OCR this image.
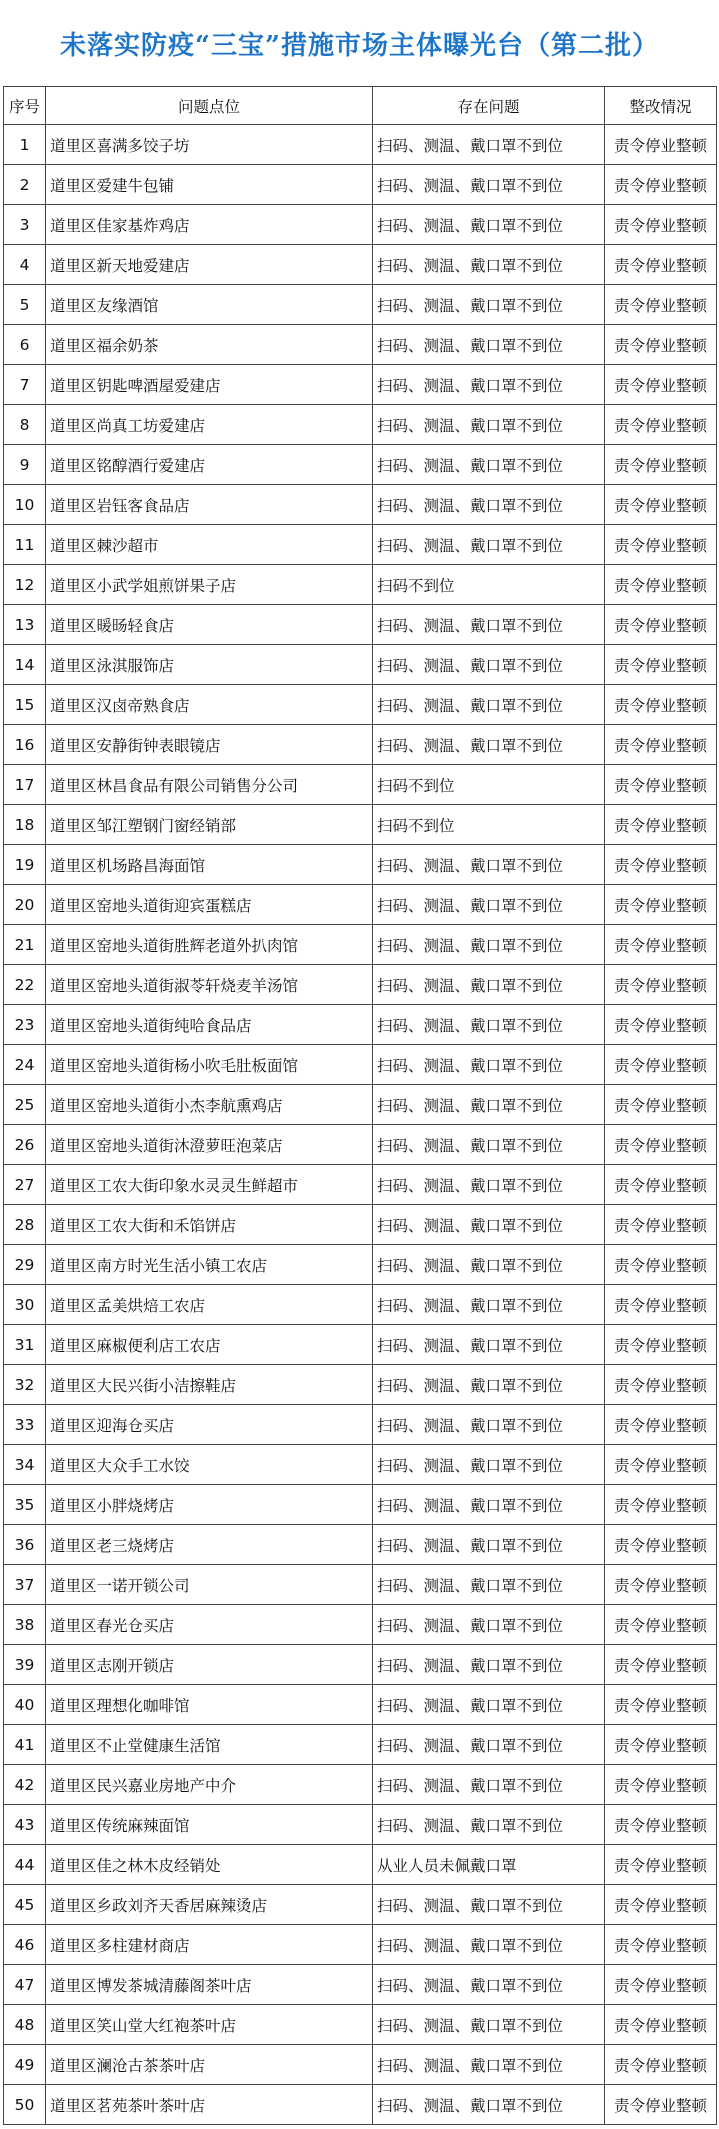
未落实防疫“三宝”措施市场主体曝光台（第二批）
序号	问题点位	存在问题	整改情况
1	道里区喜满多饺子坊	扫码、测温、戴口罩不到位	责令停业整顿
2	道里区爱建牛包铺	扫码、测温、戴口罩不到位	责令停业整顿
3	道里区佳家基炸鸡店	扫码、测温、戴口罩不到位	责令停业整顿
4	道里区新天地爱建店	扫码、测温、戴口罩不到位	责令停业整顿
5	道里区友缘酒馆	扫码、测温、戴口罩不到位	责令停业整顿
6	道里区福余奶茶	扫码、测温、戴口罩不到位	责令停业整顿
7	道里区钥匙啤酒屋爱建店	扫码、测温、戴口罩不到位	责令停业整顿
8	道里区尚真工坊爱建店	扫码、测温、戴口罩不到位	责令停业整顿
9	道里区铭醇酒行爱建店	扫码、测温、戴口罩不到位	责令停业整顿
10	道里区岩钰客食品店	扫码、测温、戴口罩不到位	责令停业整顿
11	道里区棘沙超市	扫码、测温、戴口罩不到位	责令停业整顿
12	道里区小武学姐煎饼果子店	扫码不到位	责令停业整顿
13	道里区暖旸轻食店	扫码、测温、戴口罩不到位	责令停业整顿
14	道里区泳淇服饰店	扫码、测温、戴口罩不到位	责令停业整顿
15	道里区汉卤帝熟食店	扫码、测温、戴口罩不到位	责令停业整顿
16	道里区安静街钟表眼镜店	扫码、测温、戴口罩不到位	责令停业整顿
17	道里区林昌食品有限公司销售分公司	扫码不到位	责令停业整顿
18	道里区邹江塑钢门窗经销部	扫码不到位	责令停业整顿
19	道里区机场路昌海面馆	扫码、测温、戴口罩不到位	责令停业整顿
20	道里区窑地头道街迎宾蛋糕店	扫码、测温、戴口罩不到位	责令停业整顿
21	道里区窑地头道街胜辉老道外扒肉馆	扫码、测温、戴口罩不到位	责令停业整顿
22	道里区窑地头道街淑苓轩烧麦羊汤馆	扫码、测温、戴口罩不到位	责令停业整顿
23	道里区窑地头道街纯哈食品店	扫码、测温、戴口罩不到位	责令停业整顿
24	道里区窑地头道街杨小吹毛肚板面馆	扫码、测温、戴口罩不到位	责令停业整顿
25	道里区窑地头道街小杰李航熏鸡店	扫码、测温、戴口罩不到位	责令停业整顿
26	道里区窑地头道街沐澄萝旺泡菜店	扫码、测温、戴口罩不到位	责令停业整顿
27	道里区工农大街印象水灵灵生鲜超市	扫码、测温、戴口罩不到位	责令停业整顿
28	道里区工农大街和禾馅饼店	扫码、测温、戴口罩不到位	责令停业整顿
29	道里区南方时光生活小镇工农店	扫码、测温、戴口罩不到位	责令停业整顿
30	道里区孟美烘焙工农店	扫码、测温、戴口罩不到位	责令停业整顿
31	道里区麻椒便利店工农店	扫码、测温、戴口罩不到位	责令停业整顿
32	道里区大民兴街小洁擦鞋店	扫码、测温、戴口罩不到位	责令停业整顿
33	道里区迎海仓买店	扫码、测温、戴口罩不到位	责令停业整顿
34	道里区大众手工水饺	扫码、测温、戴口罩不到位	责令停业整顿
35	道里区小胖烧烤店	扫码、测温、戴口罩不到位	责令停业整顿
36	道里区老三烧烤店	扫码、测温、戴口罩不到位	责令停业整顿
37	道里区一诺开锁公司	扫码、测温、戴口罩不到位	责令停业整顿
38	道里区春光仓买店	扫码、测温、戴口罩不到位	责令停业整顿
39	道里区志刚开锁店	扫码、测温、戴口罩不到位	责令停业整顿
40	道里区理想化咖啡馆	扫码、测温、戴口罩不到位	责令停业整顿
41	道里区不止堂健康生活馆	扫码、测温、戴口罩不到位	责令停业整顿
42	道里区民兴嘉业房地产中介	扫码、测温、戴口罩不到位	责令停业整顿
43	道里区传统麻辣面馆	扫码、测温、戴口罩不到位	责令停业整顿
44	道里区佳之林木皮经销处	从业人员未佩戴口罩	责令停业整顿
45	道里区乡政刘齐天香居麻辣烫店	扫码、测温、戴口罩不到位	责令停业整顿
46	道里区多柱建材商店	扫码、测温、戴口罩不到位	责令停业整顿
47	道里区博发茶城清藤阁茶叶店	扫码、测温、戴口罩不到位	责令停业整顿
48	道里区笑山堂大红袍茶叶店	扫码、测温、戴口罩不到位	责令停业整顿
49	道里区澜沧古茶茶叶店	扫码、测温、戴口罩不到位	责令停业整顿
50	道里区茗苑茶叶茶叶店	扫码、测温、戴口罩不到位	责令停业整顿
